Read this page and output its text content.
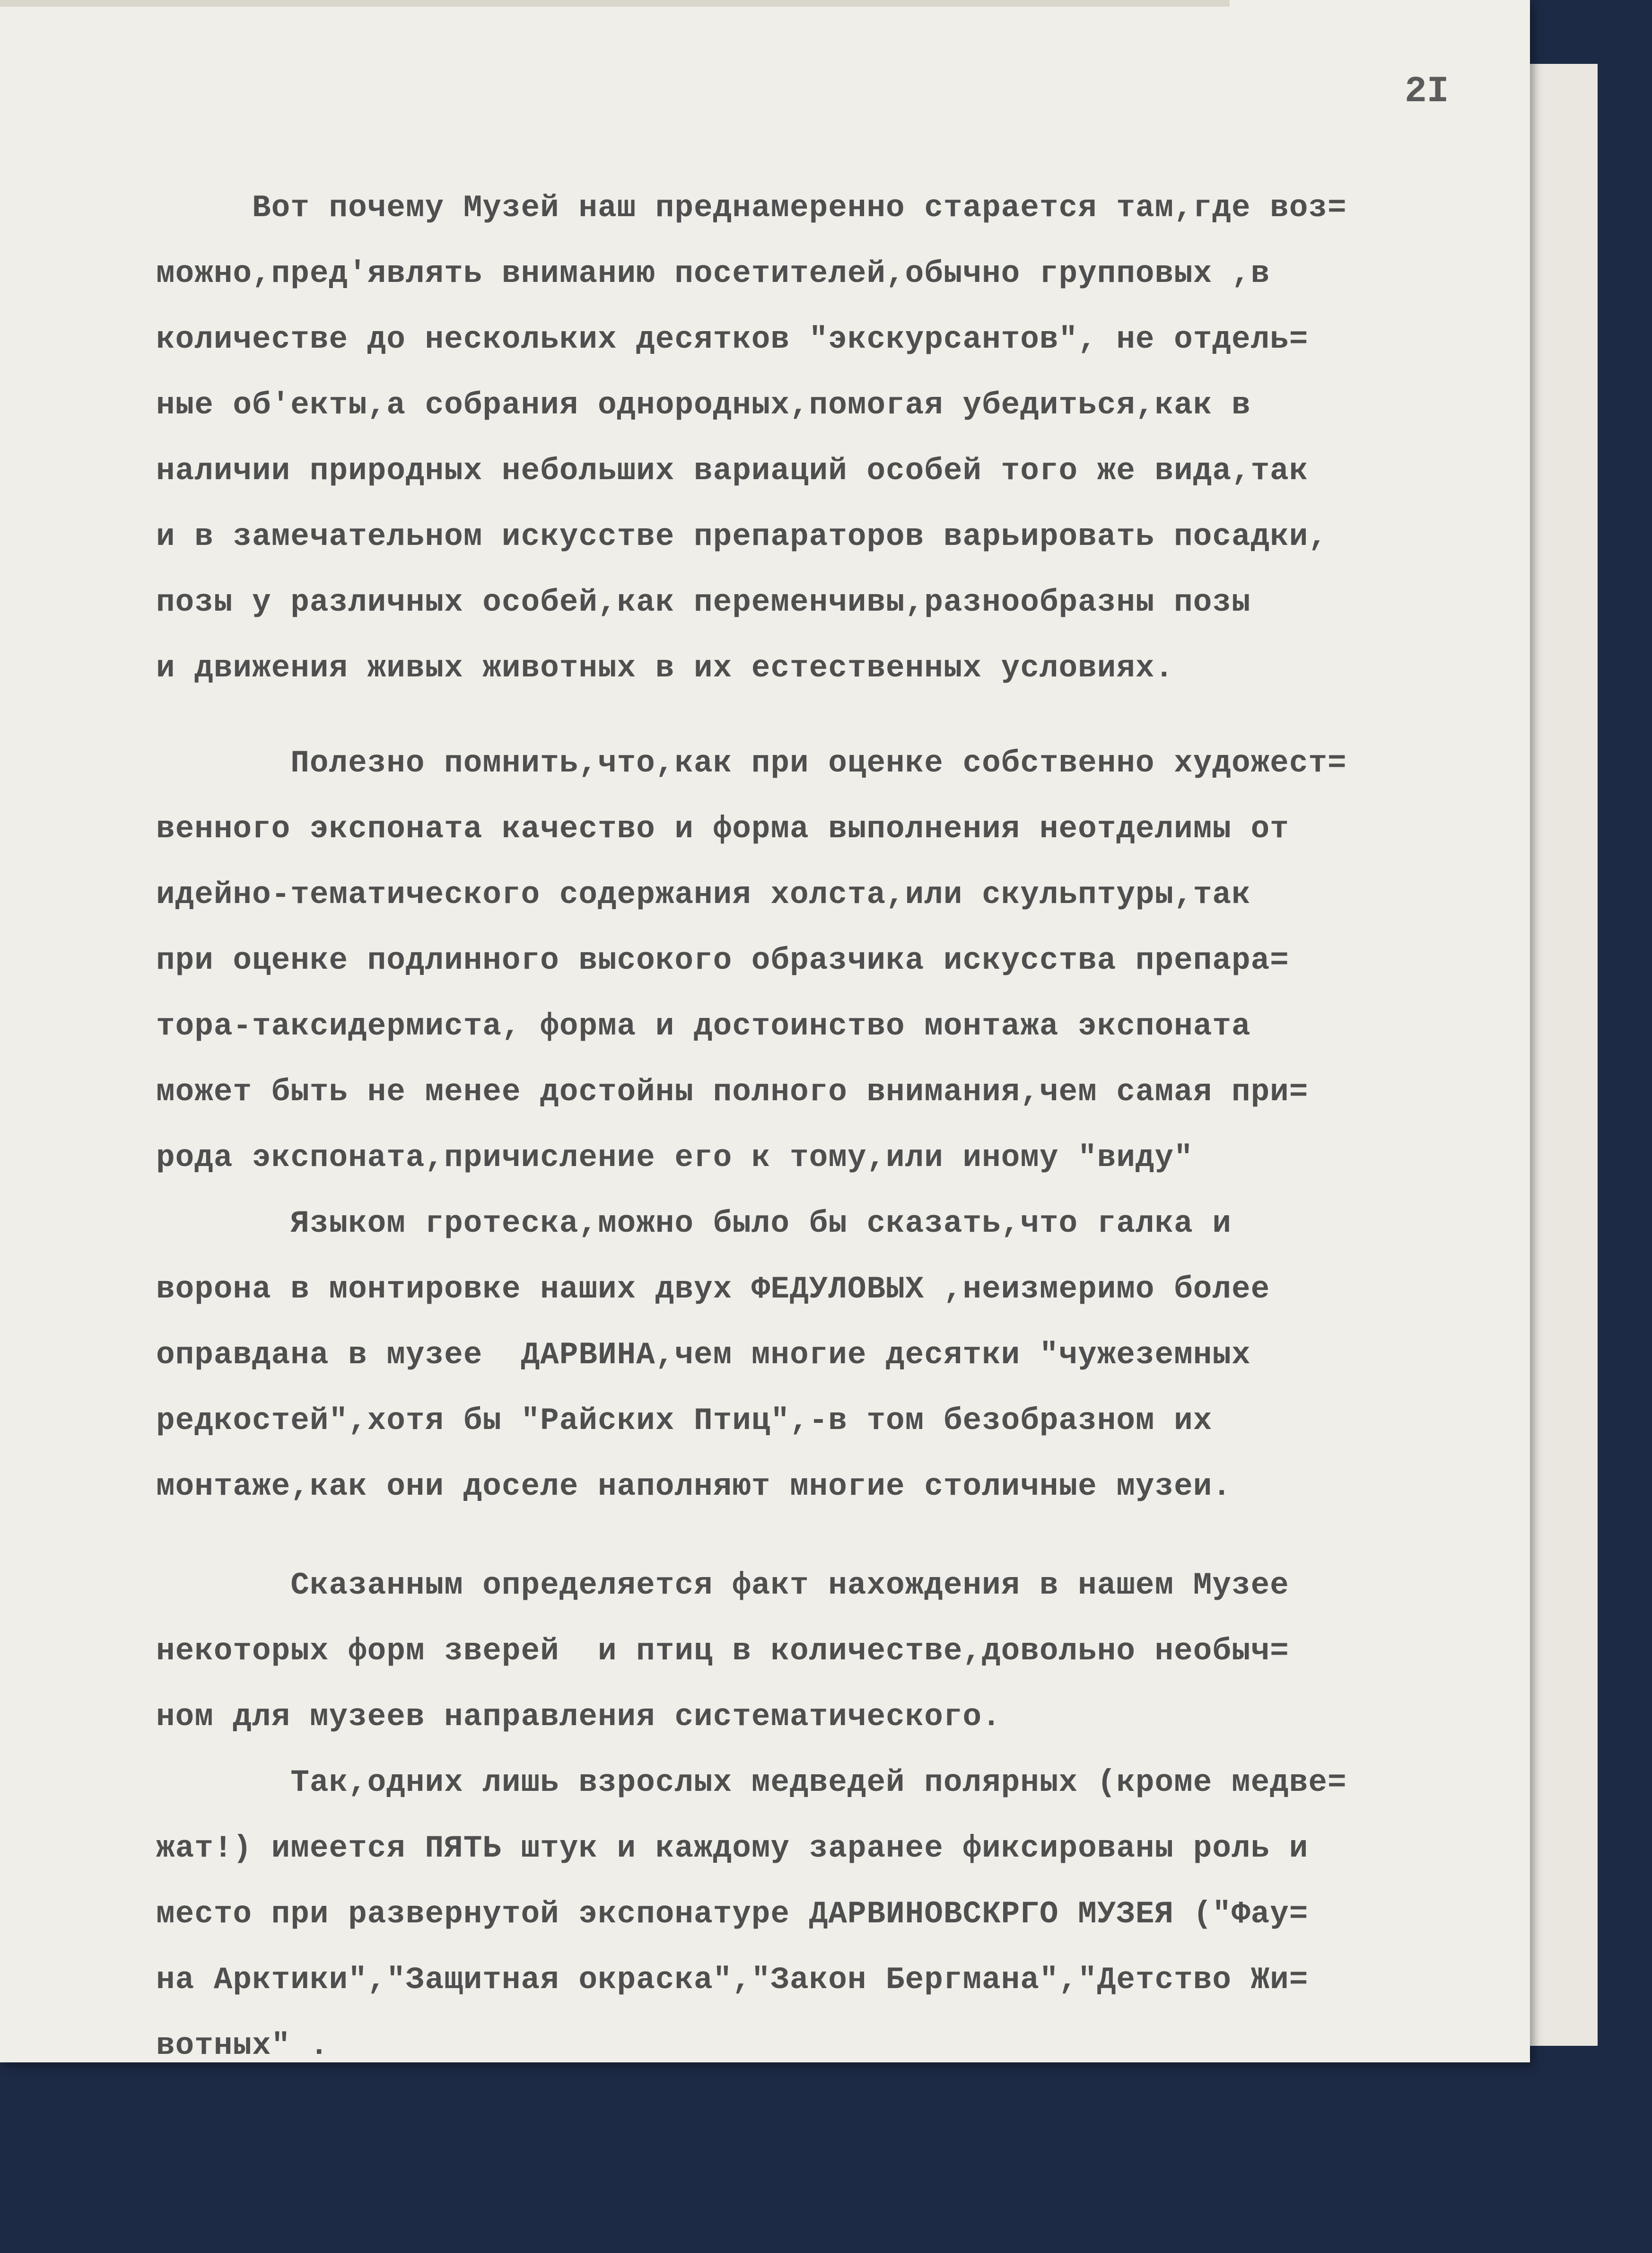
2I
Вот почему Музей наш преднамеренно старается там,где воз=
можно,пред'являть вниманию посетителей,обычно групповых ,в
количестве до нескольких десятков "экскурсантов", не отдель=
ные об'екты,а собрания однородных,помогая убедиться,как в
наличии природных небольших вариаций особей того же вида,так
и в замечательном искусстве препараторов варьировать посадки,
позы у различных особей,как переменчивы,разнообразны позы
и движения живых животных в их естественных условиях.
Полезно помнить,что,как при оценке собственно художест=
венного экспоната качество и форма выполнения неотделимы от
идейно-тематического содержания холста,или скульптуры,так
при оценке подлинного высокого образчика искусства препара=
тора-таксидермиста, форма и достоинство монтажа экспоната
может быть не менее достойны полного внимания,чем самая при=
рода экспоната,причисление его к тому,или иному "виду"
Языком гротеска,можно было бы сказать,что галка и
ворона в монтировке наших двух ФЕДУЛОВЫХ ,неизмеримо более
оправдана в музее  ДАРВИНА,чем многие десятки "чужеземных
редкостей",хотя бы "Райских Птиц",-в том безобразном их
монтаже,как они доселе наполняют многие столичные музеи.
Сказанным определяется факт нахождения в нашем Музее
некоторых форм зверей  и птиц в количестве,довольно необыч=
ном для музеев направления систематического.
Так,одних лишь взрослых медведей полярных (кроме медве=
жат!) имеется ПЯТЬ штук и каждому заранее фиксированы роль и
место при развернутой экспонатуре ДАРВИНОВСКРГО МУЗЕЯ ("Фау=
на Арктики","Защитная окраска","Закон Бергмана","Детство Жи=
вотных" .
